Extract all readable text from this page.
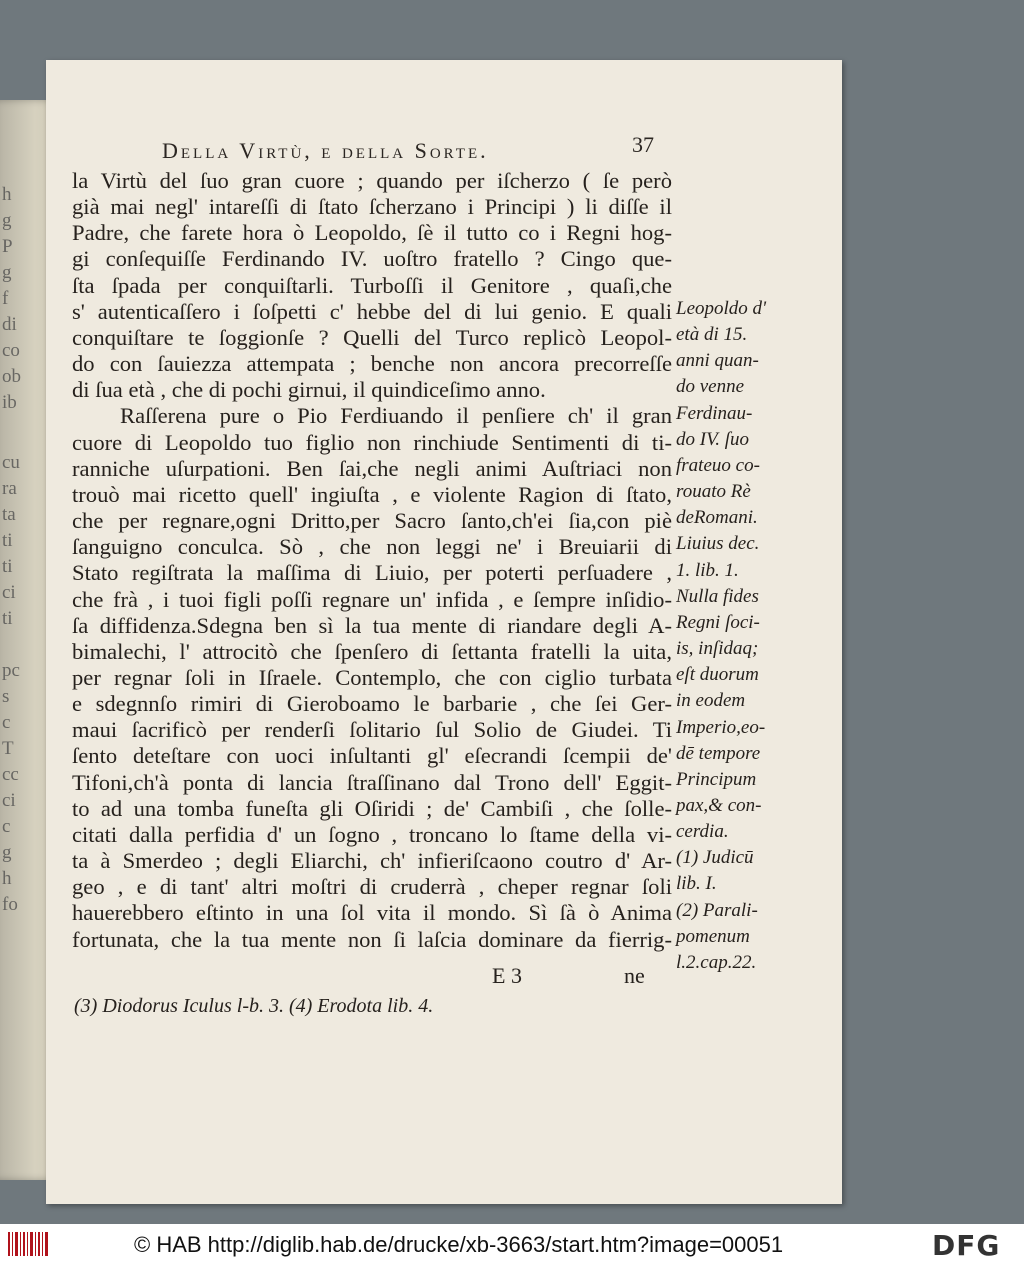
h
g
P
g
f
di
co
ob
ib
cu
ra
ta
ti
ti
ci
ti
pc
s
c
T
cc
ci
c
g
h
fo
Della Virtù, e della Sorte.	37
la Virtù del ſuo gran cuore ; quando per iſcherzo ( ſe però
già mai negl' intareſſi di ſtato ſcherzano i Principi ) li diſſe il
Padre, che farete hora ò Leopoldo, ſè il tutto co i Regni hog-
gi conſequiſſe Ferdinando IV. uoſtro fratello ? Cingo que-
ſta ſpada per conquiſtarli. Turboſſi il Genitore , quaſi,che
s' autenticaſſero i ſoſpetti c' hebbe del di lui genio. E quali
conquiſtare te ſoggionſe ? Quelli del Turco replicò Leopol-
do con ſauiezza attempata ; benche non ancora precorreſſe
di ſua età , che di pochi girnui, il quindiceſimo anno.
Raſſerena pure o Pio Ferdiuando il penſiere ch' il gran
cuore di Leopoldo tuo figlio non rinchiude Sentimenti di ti-
ranniche uſurpationi. Ben ſai,che negli animi Auſtriaci non
trouò mai ricetto quell' ingiuſta , e violente Ragion di ſtato,
che per regnare,ogni Dritto,per Sacro ſanto,ch'ei ſia,con piè
ſanguigno conculca. Sò , che non leggi ne' i Breuiarii di
Stato regiſtrata la maſſima di Liuio, per poterti perſuadere ,
che frà , i tuoi figli poſſi regnare un' infida , e ſempre inſidio-
ſa diffidenza.Sdegna ben sì la tua mente di riandare degli A-
bimalechi, l' attrocitò che ſpenſero di ſettanta fratelli la uita,
per regnar ſoli in Iſraele. Contemplo, che con ciglio turbata
e sdegnnſo rimiri di Gieroboamo le barbarie , che ſei Ger-
maui ſacrificò per renderſi ſolitario ſul Solio de Giudei. Ti
ſento deteſtare con uoci inſultanti gl' eſecrandi ſcempii de'
Tifoni,ch'à ponta di lancia ſtraſſinano dal Trono dell' Eggit-
to ad una tomba funeſta gli Oſiridi ; de' Cambiſi , che ſolle-
citati dalla perfidia d' un ſogno , troncano lo ſtame della vi-
ta à Smerdeo ; degli Eliarchi, ch' infieriſcaono coutro d' Ar-
geo , e di tant' altri moſtri di cruderrà , cheper regnar ſoli
hauerebbero eſtinto in una ſol vita il mondo. Sì ſà ò Anima
fortunata, che la tua mente non ſi laſcia dominare da fierrig-
Leopoldo d'
età di 15.
anni quan-
do venne
Ferdinau-
do IV. ſuo
frateuo co-
rouato Rè
deRomani.
Liuius dec.
1. lib. 1.
Nulla fides
Regni ſoci-
is, inſidaq;
eſt duorum
in eodem
Imperio,eo-
dē tempore
Principum
pax,& con-
cerdia.
(1) Judicū
lib. I.
(2) Parali-
pomenum
l.2.cap.22.
E 3	ne
(3) Diodorus Iculus l-b. 3. (4) Erodota lib. 4.
© HAB http://diglib.hab.de/drucke/xb-3663/start.htm?image=00051	DFG
